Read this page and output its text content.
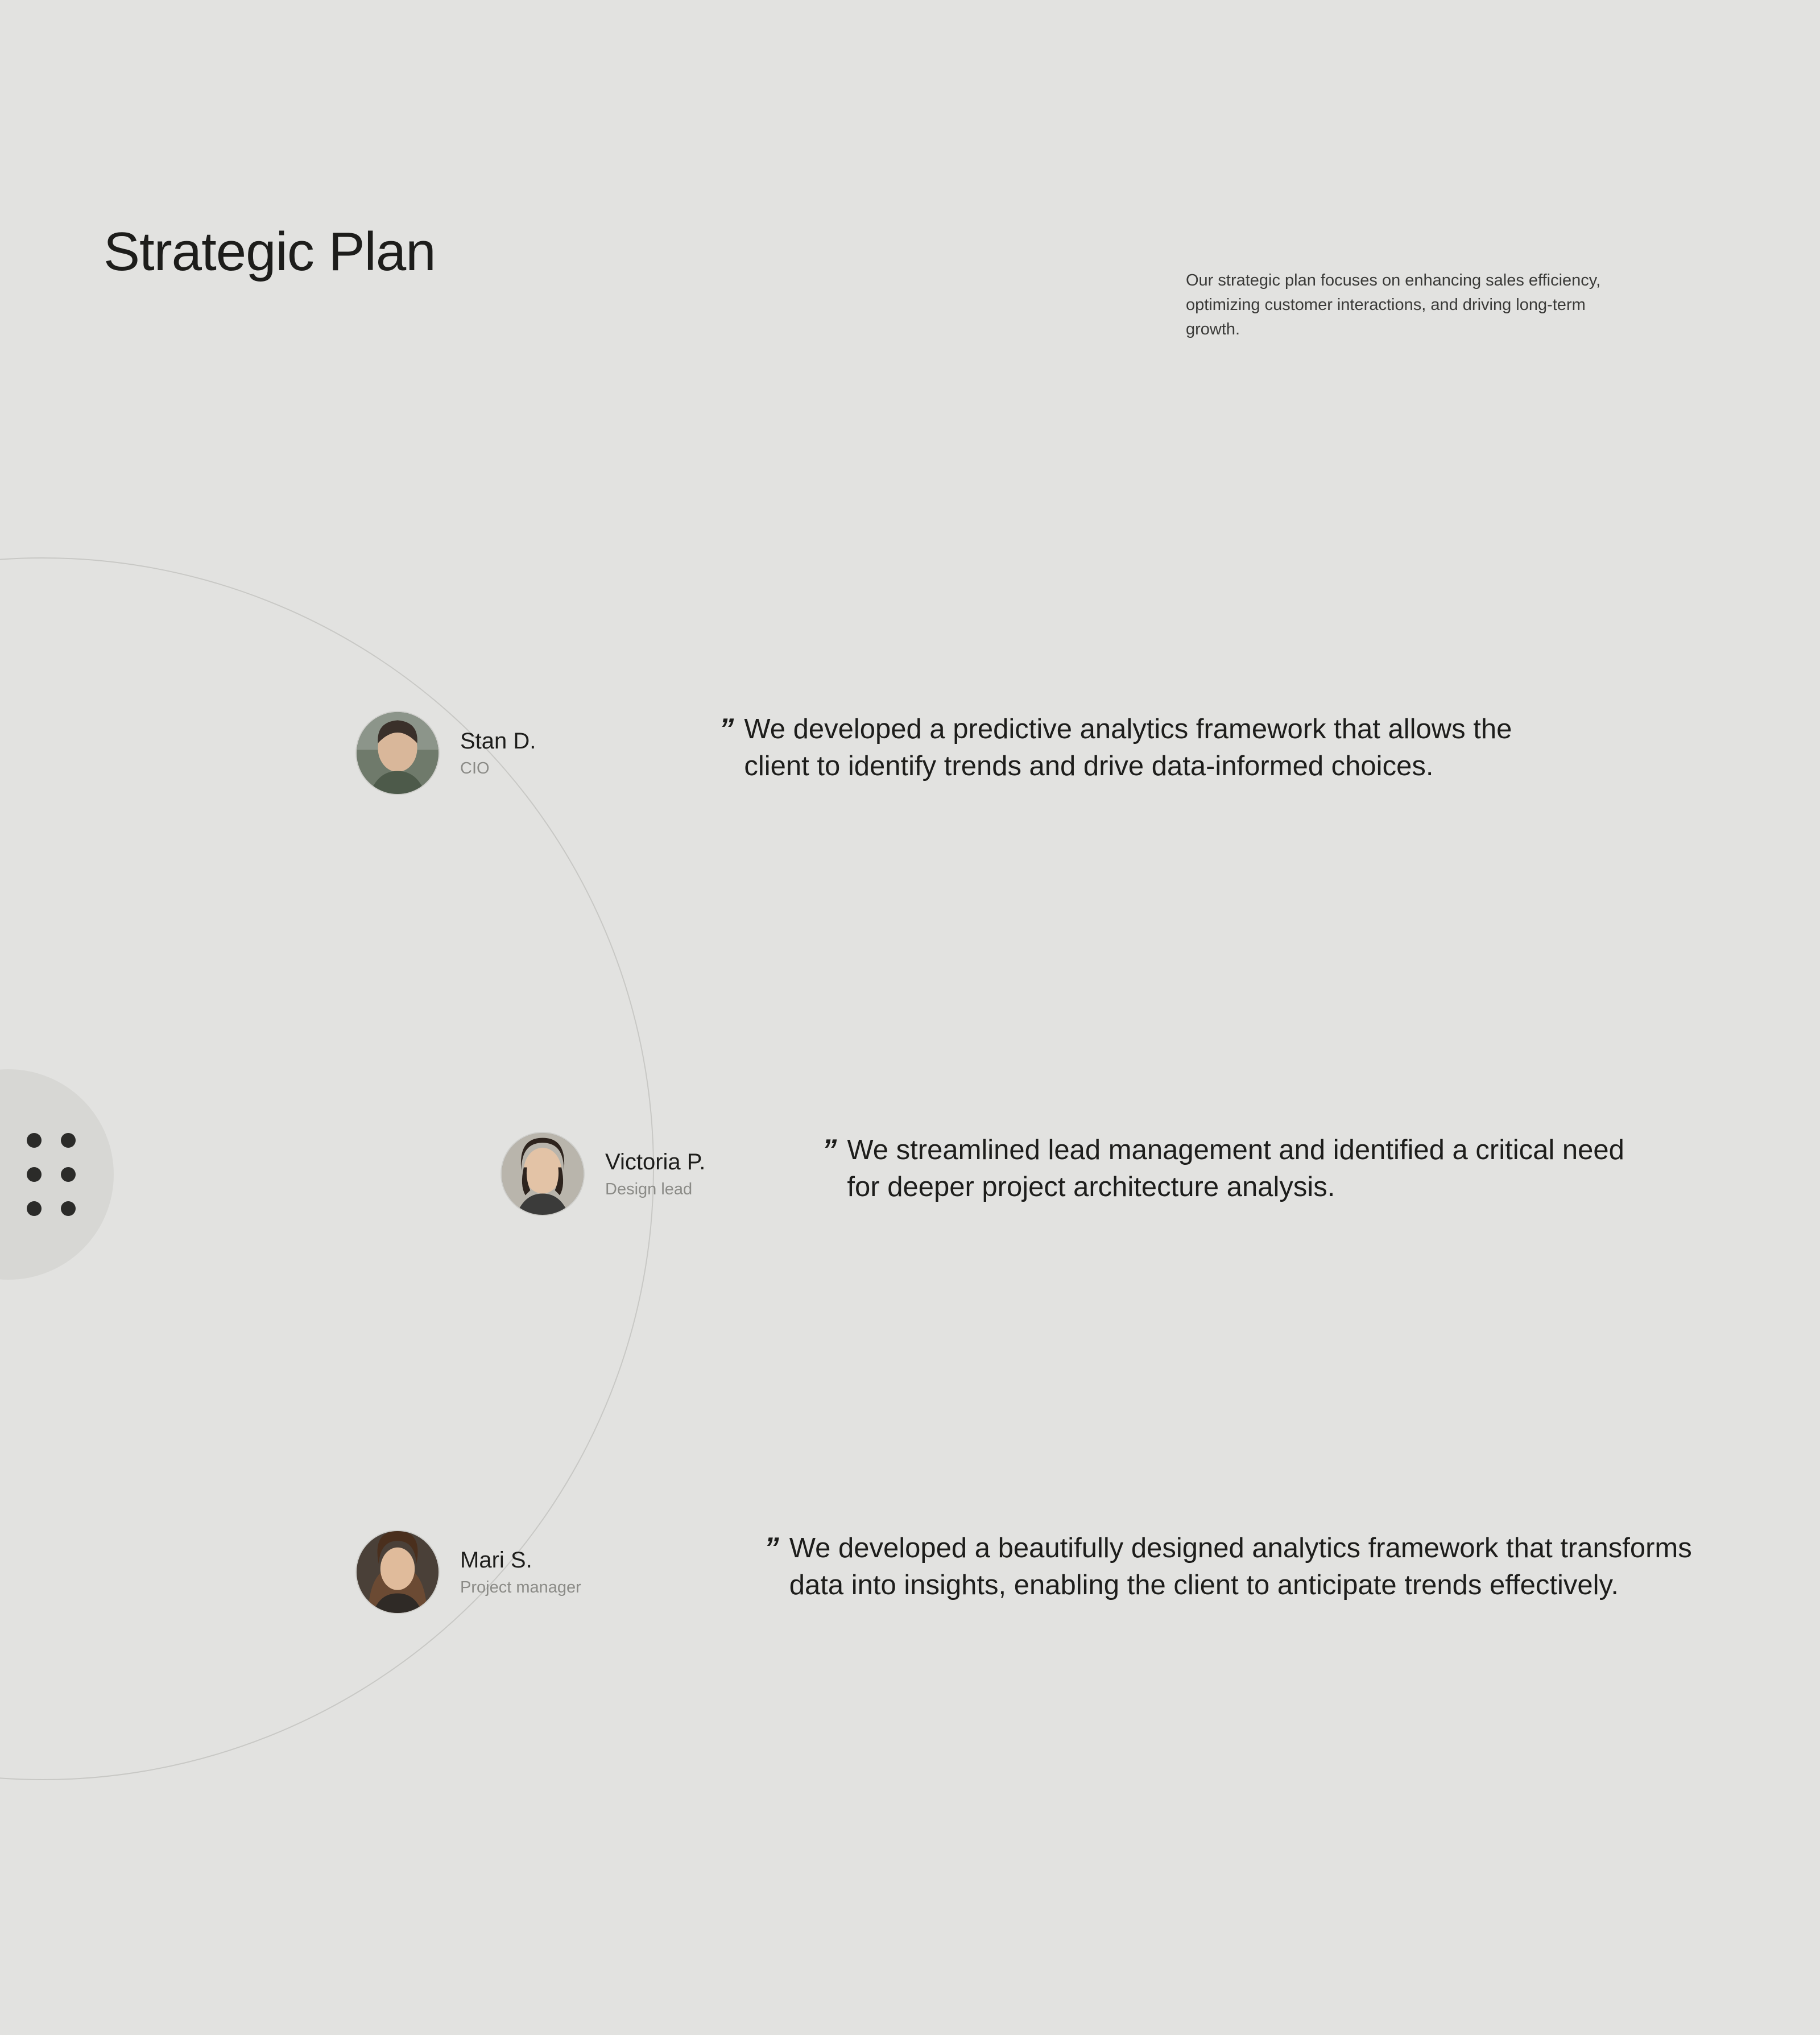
Strategic Plan	Our strategic plan focuses on enhancing sales efficiency, optimizing customer interactions, and driving long-term growth.
Stan D.
CIO
” We developed a predictive analytics framework that allows the client to identify trends and drive data-informed choices.
Victoria P.
Design lead
” We streamlined lead management and identified a critical need for deeper project architecture analysis.
Mari S.
Project manager
” We developed a beautifully designed analytics framework that transforms data into insights, enabling the client to anticipate trends effectively.
